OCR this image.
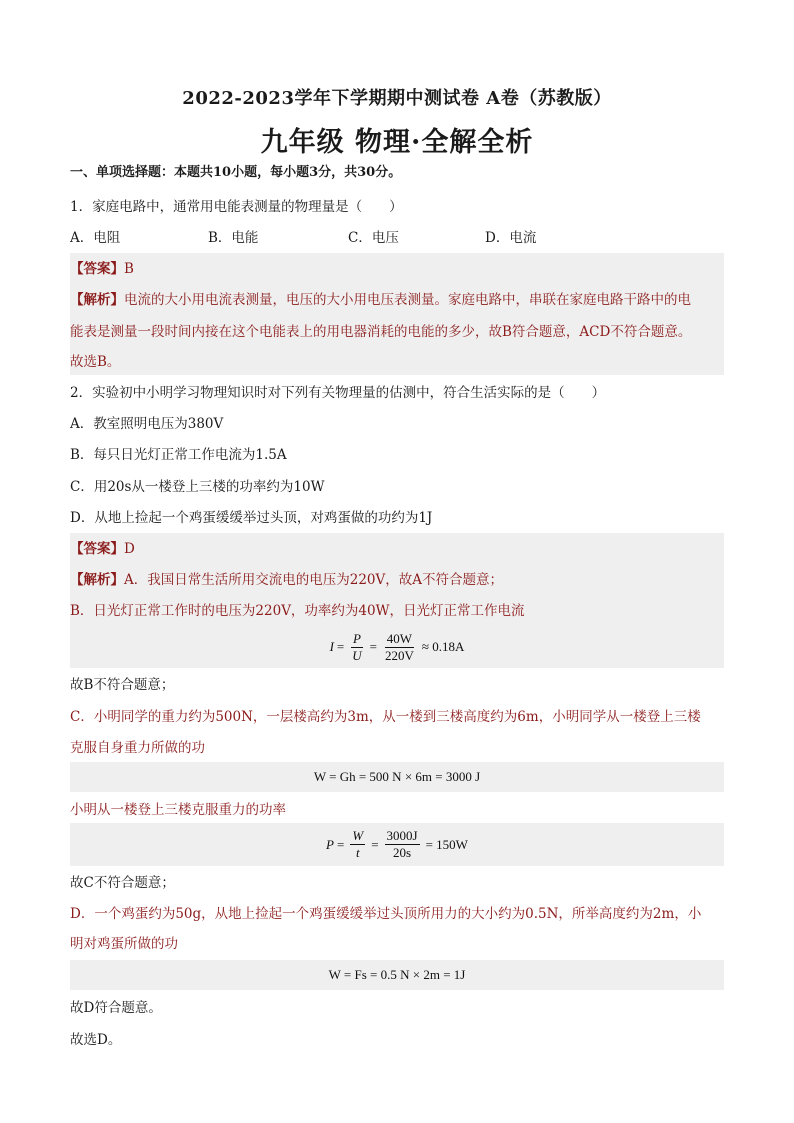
2022-2023学年下学期期中测试卷 A卷（苏教版）
九年级 物理·全解全析
一、单项选择题：本题共10小题，每小题3分，共30分。
1．家庭电路中，通常用电能表测量的物理量是（　　）
A．电阻	B．电能	C．电压	D．电流
【答案】B
【解析】电流的大小用电流表测量，电压的大小用电压表测量。家庭电路中，串联在家庭电路干路中的电
能表是测量一段时间内接在这个电能表上的用电器消耗的电能的多少，故B符合题意，ACD不符合题意。
故选B。
2．实验初中小明学习物理知识时对下列有关物理量的估测中，符合生活实际的是（　　）
A．教室照明电压为380V
B．每只日光灯正常工作电流为1.5A
C．用20s从一楼登上三楼的功率约为10W
D．从地上捡起一个鸡蛋缓缓举过头顶，对鸡蛋做的功约为1J
【答案】D
【解析】A．我国日常生活所用交流电的电压为220V，故A不符合题意；
B．日光灯正常工作时的电压为220V，功率约为40W，日光灯正常工作电流
$I = \frac{P}{U} = \frac{40W}{220V} \approx 0.18A$
故B不符合题意；
C．小明同学的重力约为500N，一层楼高约为3m，从一楼到三楼高度约为6m，小明同学从一楼登上三楼
克服自身重力所做的功
W = Gh = 500 N × 6m = 3000 J
小明从一楼登上三楼克服重力的功率
$P = \frac{W}{t} = \frac{3000J}{20s} = 150W$
故C不符合题意；
D．一个鸡蛋约为50g，从地上捡起一个鸡蛋缓缓举过头顶所用力的大小约为0.5N，所举高度约为2m，小
明对鸡蛋所做的功
W = Fs = 0.5 N × 2m = 1J
故D符合题意。
故选D。
